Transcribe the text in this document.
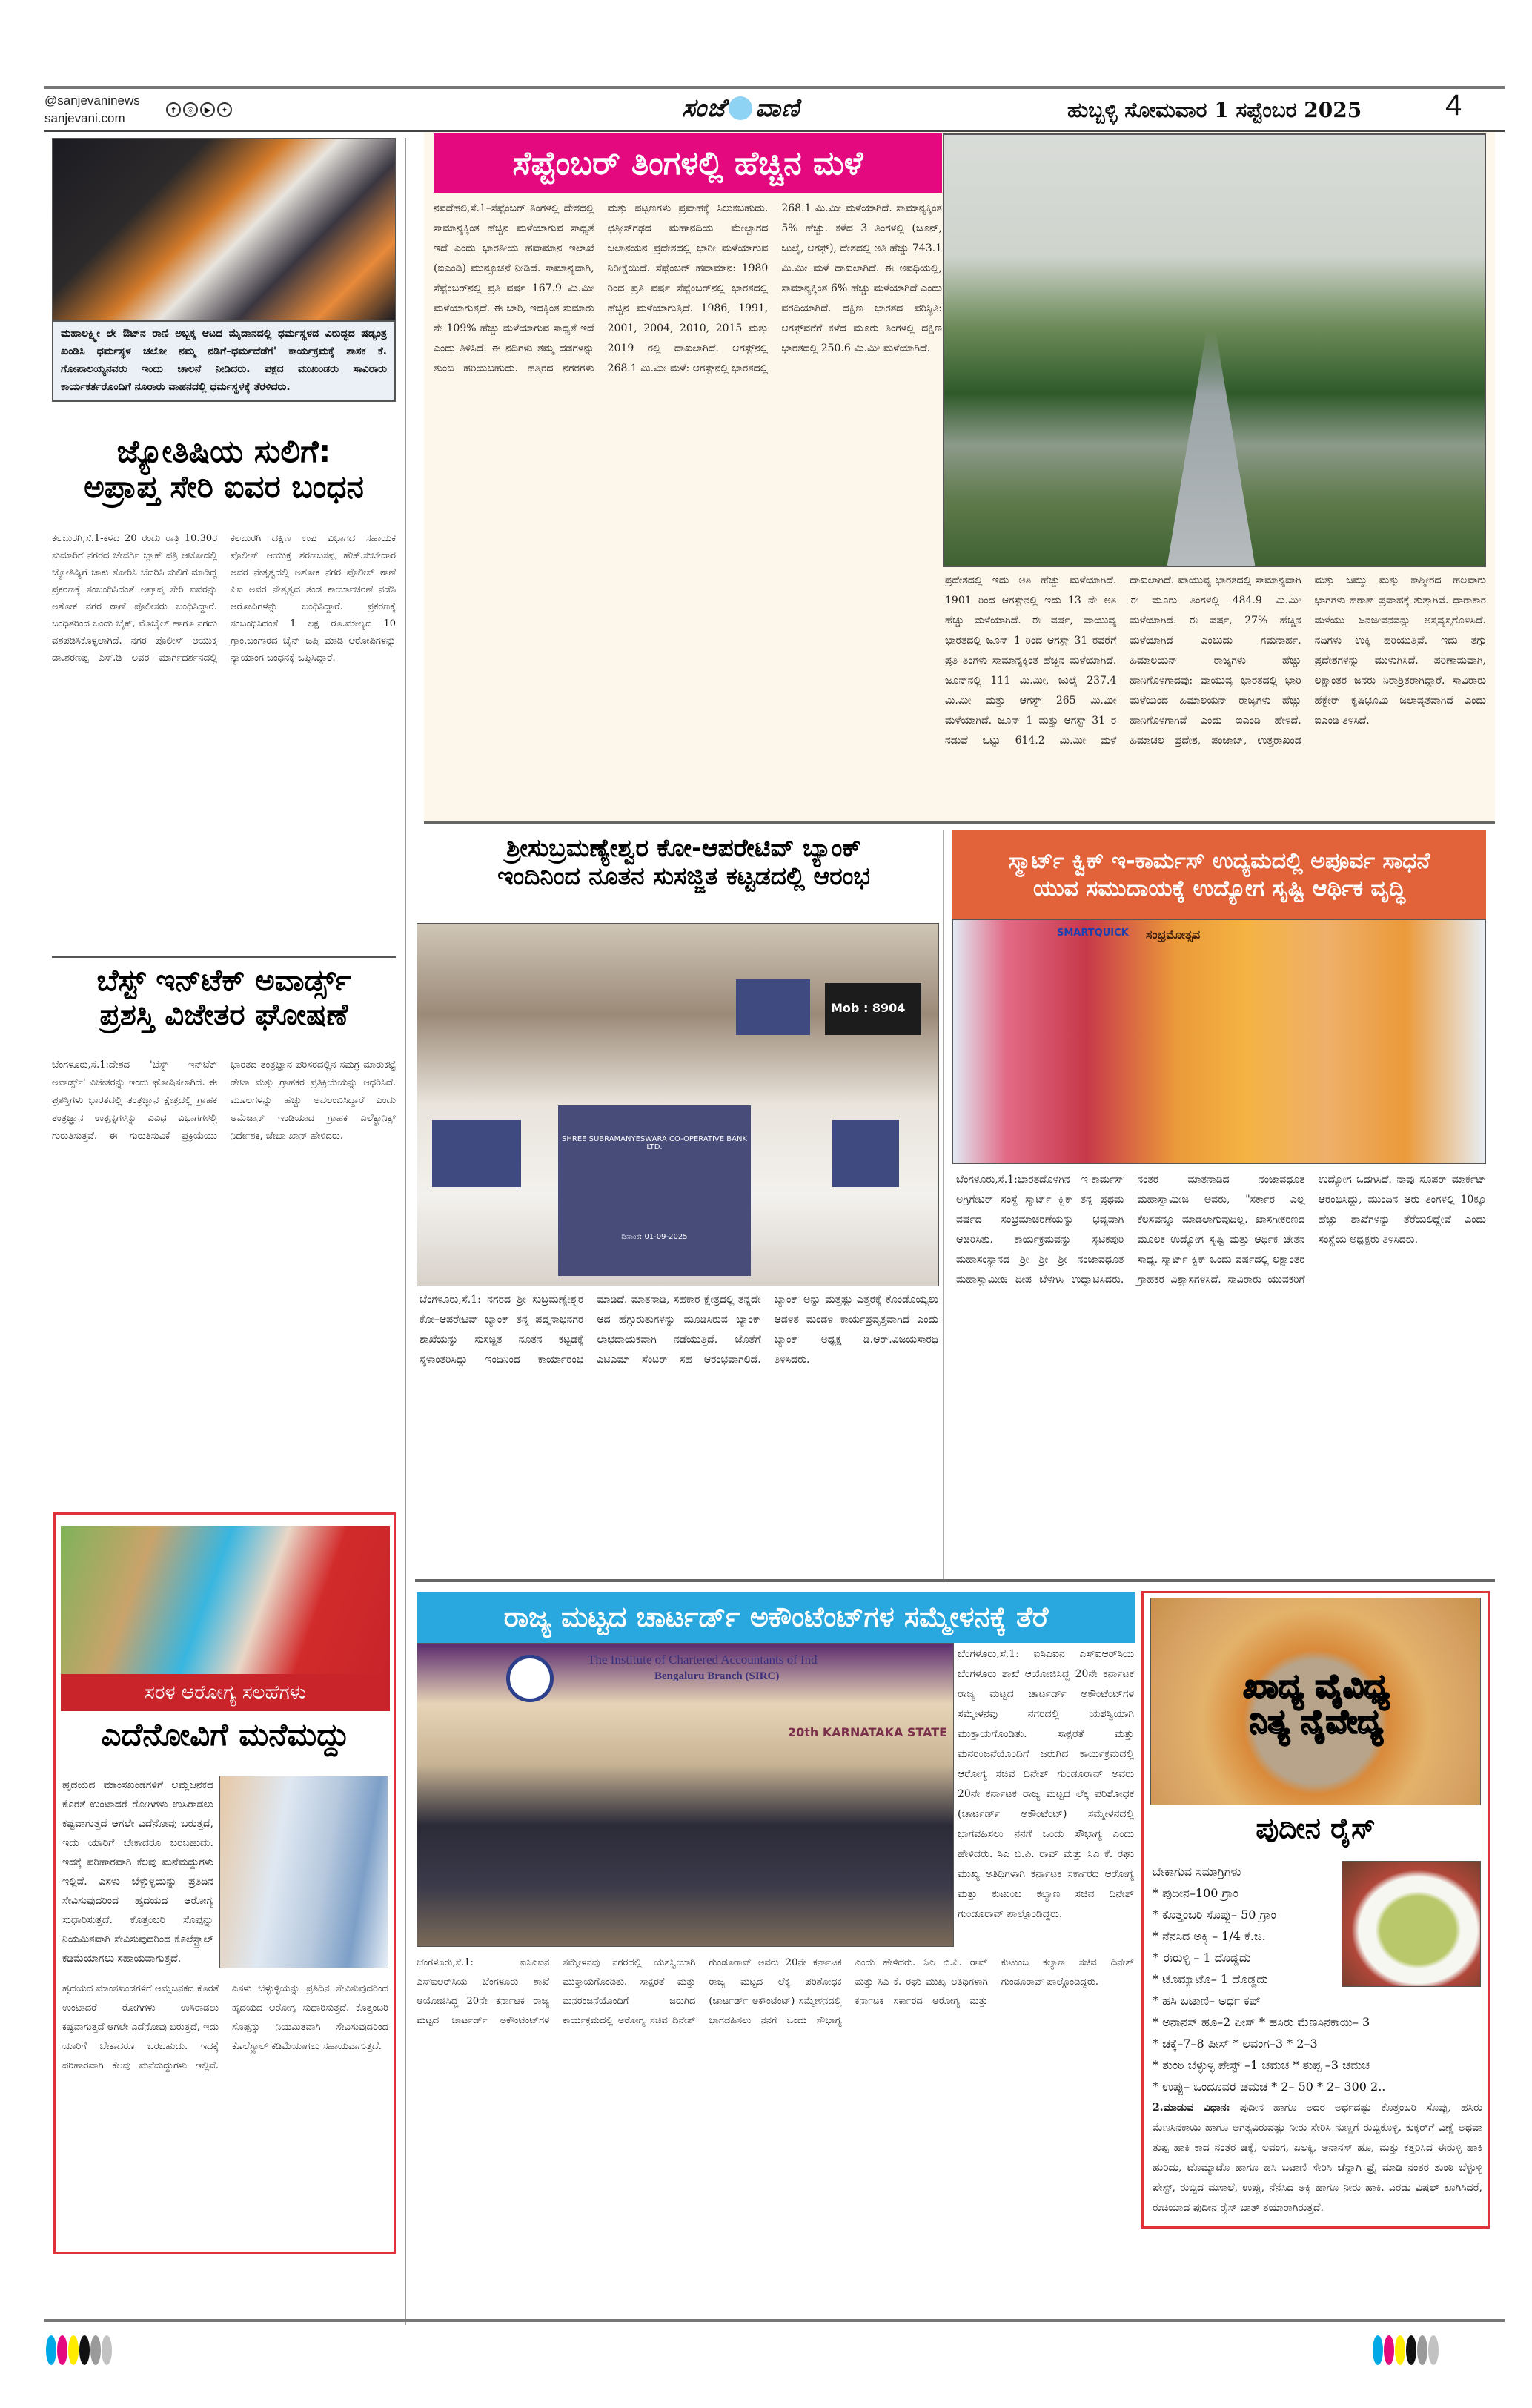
@sanjevaninews
sanjevani.com
f	◎	▶	✦	ಸಂಜೆ ವಾಣಿ	ಹುಬ್ಬಳ್ಳಿ ಸೋಮವಾರ 1 ಸಪ್ಟೆಂಬರ 2025	4
ಮಹಾಲಕ್ಷ್ಮೀ ಲೇ ಔಟ್‌ನ ರಾಣಿ ಅಬ್ಬಕ್ಕ ಆಟದ ಮೈದಾನದಲ್ಲಿ ಧರ್ಮಸ್ಥಳದ ವಿರುದ್ಧದ ಷಡ್ಯಂತ್ರ ಖಂಡಿಸಿ ಧರ್ಮಸ್ಥಳ ಚಲೋ ನಮ್ಮ ನಡಿಗೆ–ಧರ್ಮದೆಡೆಗೆ' ಕಾರ್ಯಕ್ರಮಕ್ಕೆ ಶಾಸಕ ಕೆ. ಗೋಪಾಲಯ್ಯನವರು ಇಂದು ಚಾಲನೆ ನೀಡಿದರು. ಪಕ್ಷದ ಮುಖಂಡರು ಸಾವಿರಾರು ಕಾರ್ಯಕರ್ತರೊಂದಿಗೆ ನೂರಾರು ವಾಹನದಲ್ಲಿ ಧರ್ಮಸ್ಥಳಕ್ಕೆ ತೆರಳಿದರು.
ಜ್ಯೋತಿಷಿಯ ಸುಲಿಗೆ:
ಅಪ್ರಾಪ್ತ ಸೇರಿ ಐವರ ಬಂಧನ
ಕಲಬುರಗಿ,ಸೆ.1-ಕಳೆದ 20 ರಂದು ರಾತ್ರಿ 10.30ರ ಸುಮಾರಿಗೆ ನಗರದ ಜೇವರ್ಗಿ ಬ್ಲಾಕ್ ಪತ್ರಿ ಆಟೋದಲ್ಲಿ ಜ್ಯೋತಿಷ್ಯಿಗೆ ಚಾಕು ತೋರಿಸಿ ಬೆದರಿಸಿ ಸುಲಿಗೆ ಮಾಡಿದ್ದ ಪ್ರಕರಣಕ್ಕೆ ಸಂಬಂಧಿಸಿದಂತೆ ಅಪ್ರಾಪ್ತ ಸೇರಿ ಐವರನ್ನು ಅಶೋಕ ನಗರ ಠಾಣೆ ಪೊಲೀಸರು ಬಂಧಿಸಿದ್ದಾರೆ. ಬಂಧಿತರಿಂದ ಒಂದು ಬೈಕ್, ಮೊಬೈಲ್ ಹಾಗೂ ನಗದು ವಶಪಡಿಸಿಕೊಳ್ಳಲಾಗಿದೆ. ನಗರ ಪೊಲೀಸ್ ಆಯುಕ್ತ ಡಾ.ಶರಣಪ್ಪ ಎಸ್.ಡಿ ಅವರ ಮಾರ್ಗದರ್ಶನದಲ್ಲಿ ಕಲಬುರಗಿ ದಕ್ಷಿಣ ಉಪ ವಿಭಾಗದ ಸಹಾಯಕ ಪೊಲೀಸ್ ಆಯುಕ್ತ ಶರಣಬಸಪ್ಪ ಹೆಚ್.ಸುಬೇದಾರ ಅವರ ನೇತೃತ್ವದಲ್ಲಿ ಅಶೋಕ ನಗರ ಪೊಲೀಸ್ ಠಾಣೆ ಪಿಐ ಅವರ ನೇತೃತ್ವದ ತಂಡ ಕಾರ್ಯಾಚರಣೆ ನಡೆಸಿ ಆರೋಪಿಗಳನ್ನು ಬಂಧಿಸಿದ್ದಾರೆ. ಪ್ರಕರಣಕ್ಕೆ ಸಂಬಂಧಿಸಿದಂತೆ 1 ಲಕ್ಷ ರೂ.ಮೌಲ್ಯದ 10 ಗ್ರಾಂ.ಬಂಗಾರದ ಚೈನ್ ಜಪ್ತಿ ಮಾಡಿ ಆರೋಪಿಗಳನ್ನು ನ್ಯಾಯಾಂಗ ಬಂಧನಕ್ಕೆ ಒಪ್ಪಿಸಿದ್ದಾರೆ.
ಬೆಸ್ಟ್ ಇನ್‌ಟೆಕ್ ಅವಾರ್ಡ್ಸ್
ಪ್ರಶಸ್ತಿ ವಿಜೇತರ ಘೋಷಣೆ
ಬೆಂಗಳೂರು,ಸೆ.1:ದೇಶದ 'ಬೆಸ್ಟ್ ಇನ್‌ಟೆಕ್ ಅವಾರ್ಡ್ಸ್' ವಿಜೇತರನ್ನು ಇಂದು ಘೋಷಿಸಲಾಗಿದೆ. ಈ ಪ್ರಶಸ್ತಿಗಳು ಭಾರತದಲ್ಲಿ ತಂತ್ರಜ್ಞಾನ ಕ್ಷೇತ್ರದಲ್ಲಿ ಗ್ರಾಹಕ ತಂತ್ರಜ್ಞಾನ ಉತ್ಪನ್ನಗಳನ್ನು ವಿವಿಧ ವಿಭಾಗಗಳಲ್ಲಿ ಗುರುತಿಸುತ್ತವೆ. ಈ ಗುರುತಿಸುವಿಕೆ ಪ್ರಕ್ರಿಯೆಯು ಭಾರತದ ತಂತ್ರಜ್ಞಾನ ಪರಿಸರದಲ್ಲಿನ ಸಮಗ್ರ ಮಾರುಕಟ್ಟೆ ಡೇಟಾ ಮತ್ತು ಗ್ರಾಹಕರ ಪ್ರತಿಕ್ರಿಯೆಯನ್ನು ಆಧರಿಸಿದೆ. ಮೂಲಗಳನ್ನು ಹೆಚ್ಚು ಅವಲಂಬಿಸಿದ್ದಾರೆ ಎಂದು ಅಮೆಜಾನ್ ಇಂಡಿಯಾದ ಗ್ರಾಹಕ ಎಲೆಕ್ಟ್ರಾನಿಕ್ಸ್ ನಿರ್ದೇಶಕ, ಜೇಬಾ ಖಾನ್ ಹೇಳಿದರು.
ಸರಳ ಆರೋಗ್ಯ ಸಲಹೆಗಳು
ಎದೆನೋವಿಗೆ ಮನೆಮದ್ದು
ಹೃದಯದ ಮಾಂಸಖಂಡಗಳಿಗೆ ಆಮ್ಲಜನಕದ ಕೊರತೆ ಉಂಟಾದರೆ ರೋಗಿಗಳು ಉಸಿರಾಡಲು ಕಷ್ಟವಾಗುತ್ತದೆ ಆಗಲೇ ಎದೆನೋವು ಬರುತ್ತದೆ, ಇದು ಯಾರಿಗೆ ಬೇಕಾದರೂ ಬರಬಹುದು. ಇದಕ್ಕೆ ಪರಿಹಾರವಾಗಿ ಕೆಲವು ಮನೆಮದ್ದುಗಳು ಇಲ್ಲಿವೆ. ಎಸಳು ಬೆಳ್ಳುಳ್ಳಿಯನ್ನು ಪ್ರತಿದಿನ ಸೇವಿಸುವುದರಿಂದ ಹೃದಯದ ಆರೋಗ್ಯ ಸುಧಾರಿಸುತ್ತದೆ. ಕೊತ್ತಂಬರಿ ಸೊಪ್ಪನ್ನು ನಿಯಮಿತವಾಗಿ ಸೇವಿಸುವುದರಿಂದ ಕೊಲೆಸ್ಟ್ರಾಲ್ ಕಡಿಮೆಯಾಗಲು ಸಹಾಯವಾಗುತ್ತದೆ.
ಹೃದಯದ ಮಾಂಸಖಂಡಗಳಿಗೆ ಆಮ್ಲಜನಕದ ಕೊರತೆ ಉಂಟಾದರೆ ರೋಗಿಗಳು ಉಸಿರಾಡಲು ಕಷ್ಟವಾಗುತ್ತದೆ ಆಗಲೇ ಎದೆನೋವು ಬರುತ್ತದೆ, ಇದು ಯಾರಿಗೆ ಬೇಕಾದರೂ ಬರಬಹುದು. ಇದಕ್ಕೆ ಪರಿಹಾರವಾಗಿ ಕೆಲವು ಮನೆಮದ್ದುಗಳು ಇಲ್ಲಿವೆ. ಎಸಳು ಬೆಳ್ಳುಳ್ಳಿಯನ್ನು ಪ್ರತಿದಿನ ಸೇವಿಸುವುದರಿಂದ ಹೃದಯದ ಆರೋಗ್ಯ ಸುಧಾರಿಸುತ್ತದೆ. ಕೊತ್ತಂಬರಿ ಸೊಪ್ಪನ್ನು ನಿಯಮಿತವಾಗಿ ಸೇವಿಸುವುದರಿಂದ ಕೊಲೆಸ್ಟ್ರಾಲ್ ಕಡಿಮೆಯಾಗಲು ಸಹಾಯವಾಗುತ್ತದೆ.
ಸೆಪ್ಟೆಂಬರ್ ತಿಂಗಳಲ್ಲಿ ಹೆಚ್ಚಿನ ಮಳೆ
ನವದೆಹಲಿ,ಸೆ.1–ಸೆಪ್ಟೆಂಬರ್ ತಿಂಗಳಲ್ಲಿ ದೇಶದಲ್ಲಿ ಸಾಮಾನ್ಯಕ್ಕಿಂತ ಹೆಚ್ಚಿನ ಮಳೆಯಾಗುವ ಸಾಧ್ಯತೆ ಇದೆ ಎಂದು ಭಾರತೀಯ ಹವಾಮಾನ ಇಲಾಖೆ (ಐಎಂಡಿ) ಮುನ್ಸೂಚನೆ ನೀಡಿದೆ. ಸಾಮಾನ್ಯವಾಗಿ, ಸೆಪ್ಟೆಂಬರ್‌ನಲ್ಲಿ ಪ್ರತಿ ವರ್ಷ 167.9 ಮಿ.ಮೀ ಮಳೆಯಾಗುತ್ತದೆ. ಈ ಬಾರಿ, ಇದಕ್ಕಿಂತ ಸುಮಾರು ಶೇ 109% ಹೆಚ್ಚು ಮಳೆಯಾಗುವ ಸಾಧ್ಯತೆ ಇದೆ ಎಂದು ತಿಳಿಸಿದೆ. ಈ ನದಿಗಳು ತಮ್ಮ ದಡಗಳನ್ನು ತುಂಬಿ ಹರಿಯಬಹುದು. ಹತ್ತಿರದ ನಗರಗಳು ಮತ್ತು ಪಟ್ಟಣಗಳು ಪ್ರವಾಹಕ್ಕೆ ಸಿಲುಕಬಹುದು. ಛತ್ತೀಸ್‌ಗಢದ ಮಹಾನದಿಯ ಮೇಲ್ಭಾಗದ ಜಲಾನಯನ ಪ್ರದೇಶದಲ್ಲಿ ಭಾರೀ ಮಳೆಯಾಗುವ ನಿರೀಕ್ಷೆಯಿದೆ. ಸೆಪ್ಟೆಂಬರ್ ಹವಾಮಾನ: 1980 ರಿಂದ ಪ್ರತಿ ವರ್ಷ ಸೆಪ್ಟೆಂಬರ್‌ನಲ್ಲಿ ಭಾರತದಲ್ಲಿ ಹೆಚ್ಚಿನ ಮಳೆಯಾಗುತ್ತಿದೆ. 1986, 1991, 2001, 2004, 2010, 2015 ಮತ್ತು 2019 ರಲ್ಲಿ ದಾಖಲಾಗಿದೆ. ಆಗಸ್ಟ್‌ನಲ್ಲಿ 268.1 ಮಿ.ಮೀ ಮಳೆ: ಆಗಸ್ಟ್‌ನಲ್ಲಿ ಭಾರತದಲ್ಲಿ 268.1 ಮಿ.ಮೀ ಮಳೆಯಾಗಿದೆ. ಸಾಮಾನ್ಯಕ್ಕಿಂತ 5% ಹೆಚ್ಚು. ಕಳೆದ 3 ತಿಂಗಳಲ್ಲಿ (ಜೂನ್, ಜುಲೈ, ಆಗಸ್ಟ್), ದೇಶದಲ್ಲಿ ಅತಿ ಹೆಚ್ಚು 743.1 ಮಿ.ಮೀ ಮಳೆ ದಾಖಲಾಗಿದೆ. ಈ ಅವಧಿಯಲ್ಲಿ, ಸಾಮಾನ್ಯಕ್ಕಿಂತ 6% ಹೆಚ್ಚು ಮಳೆಯಾಗಿದೆ ಎಂದು ವರದಿಯಾಗಿದೆ. ದಕ್ಷಿಣ ಭಾರತದ ಪರಿಸ್ಥಿತಿ: ಆಗಸ್ಟ್‌ವರೆಗೆ ಕಳೆದ ಮೂರು ತಿಂಗಳಲ್ಲಿ ದಕ್ಷಿಣ ಭಾರತದಲ್ಲಿ 250.6 ಮಿ.ಮೀ ಮಳೆಯಾಗಿದೆ.
ಪ್ರದೇಶದಲ್ಲಿ ಇದು ಅತಿ ಹೆಚ್ಚು ಮಳೆಯಾಗಿದೆ. 1901 ರಿಂದ ಆಗಸ್ಟ್‌ನಲ್ಲಿ ಇದು 13 ನೇ ಅತಿ ಹೆಚ್ಚು ಮಳೆಯಾಗಿದೆ. ಈ ವರ್ಷ, ವಾಯುವ್ಯ ಭಾರತದಲ್ಲಿ ಜೂನ್ 1 ರಿಂದ ಆಗಸ್ಟ್ 31 ರವರೆಗೆ ಪ್ರತಿ ತಿಂಗಳು ಸಾಮಾನ್ಯಕ್ಕಿಂತ ಹೆಚ್ಚಿನ ಮಳೆಯಾಗಿದೆ. ಜೂನ್‌ನಲ್ಲಿ 111 ಮಿ.ಮೀ, ಜುಲೈ 237.4 ಮಿ.ಮೀ ಮತ್ತು ಆಗಸ್ಟ್ 265 ಮಿ.ಮೀ ಮಳೆಯಾಗಿದೆ. ಜೂನ್ 1 ಮತ್ತು ಆಗಸ್ಟ್ 31 ರ ನಡುವೆ ಒಟ್ಟು 614.2 ಮಿ.ಮೀ ಮಳೆ ದಾಖಲಾಗಿದೆ. ವಾಯುವ್ಯ ಭಾರತದಲ್ಲಿ ಸಾಮಾನ್ಯವಾಗಿ ಈ ಮೂರು ತಿಂಗಳಲ್ಲಿ 484.9 ಮಿ.ಮೀ ಮಳೆಯಾಗಿದೆ. ಈ ವರ್ಷ, 27% ಹೆಚ್ಚಿನ ಮಳೆಯಾಗಿದೆ ಎಂಬುದು ಗಮನಾರ್ಹ. ಹಿಮಾಲಯನ್ ರಾಜ್ಯಗಳು ಹೆಚ್ಚು ಹಾನಿಗೊಳಗಾದವು: ವಾಯುವ್ಯ ಭಾರತದಲ್ಲಿ ಭಾರಿ ಮಳೆಯಿಂದ ಹಿಮಾಲಯನ್ ರಾಜ್ಯಗಳು ಹೆಚ್ಚು ಹಾನಿಗೊಳಗಾಗಿವೆ ಎಂದು ಐಎಂಡಿ ಹೇಳಿದೆ. ಹಿಮಾಚಲ ಪ್ರದೇಶ, ಪಂಜಾಬ್, ಉತ್ತರಾಖಂಡ ಮತ್ತು ಜಮ್ಮು ಮತ್ತು ಕಾಶ್ಮೀರದ ಹಲವಾರು ಭಾಗಗಳು ಹಠಾತ್ ಪ್ರವಾಹಕ್ಕೆ ತುತ್ತಾಗಿವೆ. ಧಾರಾಕಾರ ಮಳೆಯು ಜನಜೀವನವನ್ನು ಅಸ್ತವ್ಯಸ್ತಗೊಳಿಸಿದೆ. ನದಿಗಳು ಉಕ್ಕಿ ಹರಿಯುತ್ತಿವೆ. ಇದು ತಗ್ಗು ಪ್ರದೇಶಗಳನ್ನು ಮುಳುಗಿಸಿದೆ. ಪರಿಣಾಮವಾಗಿ, ಲಕ್ಷಾಂತರ ಜನರು ನಿರಾಶ್ರಿತರಾಗಿದ್ದಾರೆ. ಸಾವಿರಾರು ಹೆಕ್ಟೇರ್ ಕೃಷಿಭೂಮಿ ಜಲಾವೃತವಾಗಿದೆ ಎಂದು ಐಎಂಡಿ ತಿಳಿಸಿದೆ.
ಶ್ರೀಸುಬ್ರಮಣ್ಯೇಶ್ವರ ಕೋ-ಆಪರೇಟಿವ್ ಬ್ಯಾಂಕ್
ಇಂದಿನಿಂದ ನೂತನ ಸುಸಜ್ಜಿತ ಕಟ್ಟಡದಲ್ಲಿ ಆರಂಭ
SHREE SUBRAMANYESWARA CO-OPERATIVE BANK LTD.
ದಿನಾಂಕ: 01-09-2025
Mob : 8904
ಬೆಂಗಳೂರು,ಸೆ.1: ನಗರದ ಶ್ರೀ ಸುಬ್ರಮಣ್ಯೇಶ್ವರ ಕೋ–ಆಪರೇಟಿವ್ ಬ್ಯಾಂಕ್ ತನ್ನ ಪದ್ಮನಾಭನಗರ ಶಾಖೆಯನ್ನು ಸುಸಜ್ಜಿತ ನೂತನ ಕಟ್ಟಡಕ್ಕೆ ಸ್ಥಳಾಂತರಿಸಿದ್ದು ಇಂದಿನಿಂದ ಕಾರ್ಯಾರಂಭ ಮಾಡಿದೆ. ಮಾತನಾಡಿ, ಸಹಕಾರ ಕ್ಷೇತ್ರದಲ್ಲಿ ತನ್ನದೇ ಆದ ಹೆಗ್ಗುರುತುಗಳನ್ನು ಮೂಡಿಸಿರುವ ಬ್ಯಾಂಕ್ ಲಾಭದಾಯಕವಾಗಿ ನಡೆಯುತ್ತಿದೆ. ಜೊತೆಗೆ ಎಟಿಎಮ್ ಸೆಂಟರ್ ಸಹ ಆರಂಭವಾಗಲಿದೆ. ಬ್ಯಾಂಕ್ ಅನ್ನು ಮತ್ತಷ್ಟು ಎತ್ತರಕ್ಕೆ ಕೊಂಡೊಯ್ಯಲು ಆಡಳಿತ ಮಂಡಳಿ ಕಾರ್ಯಪ್ರವೃತ್ತವಾಗಿದೆ ಎಂದು ಬ್ಯಾಂಕ್ ಅಧ್ಯಕ್ಷ ಡಿ.ಆರ್.ವಿಜಯಸಾರಥಿ ತಿಳಿಸಿದರು.
ಸ್ಮಾರ್ಟ್ ಕ್ವಿಕ್ ಇ-ಕಾರ್ಮಸ್ ಉದ್ಯಮದಲ್ಲಿ ಅಪೂರ್ವ ಸಾಧನೆ
ಯುವ ಸಮುದಾಯಕ್ಕೆ ಉದ್ಯೋಗ ಸೃಷ್ಟಿ ಆರ್ಥಿಕ ವೃದ್ಧಿ
SMARTQUICK ಸಂಭ್ರಮೋತ್ಸವ
ಬೆಂಗಳೂರು,ಸೆ.1:ಭಾರತದೊಳಗಿನ ಇ-ಕಾರ್ಮಸ್ ಅಗ್ರಿಗೇಟರ್ ಸಂಸ್ಥೆ ಸ್ಮಾರ್ಟ್ ಕ್ವಿಕ್ ತನ್ನ ಪ್ರಥಮ ವರ್ಷದ ಸಂಭ್ರಮಾಚರಣೆಯನ್ನು ಭವ್ಯವಾಗಿ ಆಚರಿಸಿತು. ಕಾರ್ಯಕ್ರಮವನ್ನು ಸ್ಫಟಿಕಪುರಿ ಮಹಾಸಂಸ್ಥಾನದ ಶ್ರೀ ಶ್ರೀ ಶ್ರೀ ನಂಜಾವಧೂತ ಮಹಾಸ್ವಾಮೀಜಿ ದೀಪ ಬೆಳಗಿಸಿ ಉದ್ಘಾಟಿಸಿದರು. ನಂತರ ಮಾತನಾಡಿದ ನಂಜಾವಧೂತ ಮಹಾಸ್ವಾಮೀಜಿ ಅವರು, "ಸರ್ಕಾರ ಎಲ್ಲ ಕೆಲಸವನ್ನೂ ಮಾಡಲಾಗುವುದಿಲ್ಲ. ಖಾಸಗೀಕರಣದ ಮೂಲಕ ಉದ್ಯೋಗ ಸೃಷ್ಟಿ ಮತ್ತು ಆರ್ಥಿಕ ಚೇತನ ಸಾಧ್ಯ. ಸ್ಮಾರ್ಟ್ ಕ್ವಿಕ್ ಒಂದು ವರ್ಷದಲ್ಲಿ ಲಕ್ಷಾಂತರ ಗ್ರಾಹಕರ ವಿಶ್ವಾಸಗಳಿಸಿದೆ. ಸಾವಿರಾರು ಯುವಕರಿಗೆ ಉದ್ಯೋಗ ಒದಗಿಸಿದೆ. ನಾವು ಸೂಪರ್ ಮಾರ್ಕೆಟ್ ಆರಂಭಿಸಿದ್ದು, ಮುಂದಿನ ಆರು ತಿಂಗಳಲ್ಲಿ 10ಕ್ಕೂ ಹೆಚ್ಚು ಶಾಖೆಗಳನ್ನು ತೆರೆಯಲಿದ್ದೇವೆ ಎಂದು ಸಂಸ್ಥೆಯ ಅಧ್ಯಕ್ಷರು ತಿಳಿಸಿದರು.
ರಾಜ್ಯ ಮಟ್ಟದ ಚಾರ್ಟರ್ಡ್ ಅಕೌಂಟೆಂಟ್‌ಗಳ ಸಮ್ಮೇಳನಕ್ಕೆ ತೆರೆ
The Institute of Chartered Accountants of Ind
Bengaluru Branch (SIRC)
20th KARNATAKA STATE
ಬೆಂಗಳೂರು,ಸೆ.1: ಐಸಿಎಐನ ಎಸ್‌ಐಆರ್‌ಸಿಯ ಬೆಂಗಳೂರು ಶಾಖೆ ಆಯೋಜಿಸಿದ್ದ 20ನೇ ಕರ್ನಾಟಕ ರಾಜ್ಯ ಮಟ್ಟದ ಚಾರ್ಟರ್ಡ್ ಅಕೌಂಟೆಂಟ್‌ಗಳ ಸಮ್ಮೇಳನವು ನಗರದಲ್ಲಿ ಯಶಸ್ವಿಯಾಗಿ ಮುಕ್ತಾಯಗೊಂಡಿತು. ಸಾಕ್ಷರತೆ ಮತ್ತು ಮನರಂಜನೆಯೊಂದಿಗೆ ಜರುಗಿದ ಕಾರ್ಯಕ್ರಮದಲ್ಲಿ ಆರೋಗ್ಯ ಸಚಿವ ದಿನೇಶ್ ಗುಂಡೂರಾವ್ ಅವರು 20ನೇ ಕರ್ನಾಟಕ ರಾಜ್ಯ ಮಟ್ಟದ ಲೆಕ್ಕ ಪರಿಶೋಧಕ (ಚಾರ್ಟರ್ಡ್ ಅಕೌಂಟೆಂಟ್) ಸಮ್ಮೇಳನದಲ್ಲಿ ಭಾಗವಹಿಸಲು ನನಗೆ ಒಂದು ಸೌಭಾಗ್ಯ ಎಂದು ಹೇಳಿದರು. ಸಿಎ ಬಿ.ಪಿ. ರಾವ್ ಮತ್ತು ಸಿಎ ಕೆ. ರಘು ಮುಖ್ಯ ಅತಿಥಿಗಳಾಗಿ ಕರ್ನಾಟಕ ಸರ್ಕಾರದ ಆರೋಗ್ಯ ಮತ್ತು ಕುಟುಂಬ ಕಲ್ಯಾಣ ಸಚಿವ ದಿನೇಶ್ ಗುಂಡೂರಾವ್ ಪಾಲ್ಗೊಂಡಿದ್ದರು.
ಬೆಂಗಳೂರು,ಸೆ.1: ಐಸಿಎಐನ ಎಸ್‌ಐಆರ್‌ಸಿಯ ಬೆಂಗಳೂರು ಶಾಖೆ ಆಯೋಜಿಸಿದ್ದ 20ನೇ ಕರ್ನಾಟಕ ರಾಜ್ಯ ಮಟ್ಟದ ಚಾರ್ಟರ್ಡ್ ಅಕೌಂಟೆಂಟ್‌ಗಳ ಸಮ್ಮೇಳನವು ನಗರದಲ್ಲಿ ಯಶಸ್ವಿಯಾಗಿ ಮುಕ್ತಾಯಗೊಂಡಿತು. ಸಾಕ್ಷರತೆ ಮತ್ತು ಮನರಂಜನೆಯೊಂದಿಗೆ ಜರುಗಿದ ಕಾರ್ಯಕ್ರಮದಲ್ಲಿ ಆರೋಗ್ಯ ಸಚಿವ ದಿನೇಶ್ ಗುಂಡೂರಾವ್ ಅವರು 20ನೇ ಕರ್ನಾಟಕ ರಾಜ್ಯ ಮಟ್ಟದ ಲೆಕ್ಕ ಪರಿಶೋಧಕ (ಚಾರ್ಟರ್ಡ್ ಅಕೌಂಟೆಂಟ್) ಸಮ್ಮೇಳನದಲ್ಲಿ ಭಾಗವಹಿಸಲು ನನಗೆ ಒಂದು ಸೌಭಾಗ್ಯ ಎಂದು ಹೇಳಿದರು. ಸಿಎ ಬಿ.ಪಿ. ರಾವ್ ಮತ್ತು ಸಿಎ ಕೆ. ರಘು ಮುಖ್ಯ ಅತಿಥಿಗಳಾಗಿ ಕರ್ನಾಟಕ ಸರ್ಕಾರದ ಆರೋಗ್ಯ ಮತ್ತು ಕುಟುಂಬ ಕಲ್ಯಾಣ ಸಚಿವ ದಿನೇಶ್ ಗುಂಡೂರಾವ್ ಪಾಲ್ಗೊಂಡಿದ್ದರು.
ಖಾದ್ಯ ವೈವಿಧ್ಯ
ನಿತ್ಯ ನೈವೇದ್ಯ
ಪುದೀನ ರೈಸ್
ಬೇಕಾಗುವ ಸಮಾಗ್ರಿಗಳು
* ಪುದೀನ–100 ಗ್ರಾಂ
* ಕೊತ್ತಂಬರಿ ಸೊಪ್ಪು– 50 ಗ್ರಾಂ
* ನೆನಸಿದ ಅಕ್ಕಿ – 1/4 ಕೆ.ಜಿ.
* ಈರುಳ್ಳಿ – 1 ದೊಡ್ಡದು
* ಟೊಮ್ಯಾಟೊ– 1 ದೊಡ್ಡದು
* ಹಸಿ ಬಟಾಣಿ– ಅರ್ಧ ಕಪ್
* ಅನಾನಸ್ ಹೂ–2 ಪೀಸ್ * ಹಸಿರು ಮೆಣಸಿನಕಾಯಿ– 3
* ಚಕ್ಕೆ–7–8 ಪೀಸ್ * ಲವಂಗ–3 * 2–3
* ಶುಂಠಿ ಬೆಳ್ಳುಳ್ಳಿ ಪೇಸ್ಟ್ –1 ಚಮಚ * ತುಪ್ಪ –3 ಚಮಚ
* ಉಪ್ಪು– ಒಂದೂವರೆ ಚಮಚ * 2– 50 * 2– 300 2..
2.ಮಾಡುವ ವಿಧಾನ: ಪುದೀನ ಹಾಗೂ ಅದರ ಅರ್ಧದಷ್ಟು ಕೊತ್ತಂಬರಿ ಸೊಪ್ಪು, ಹಸಿರು ಮೆಣಸಿನಕಾಯಿ ಹಾಗೂ ಅಗತ್ಯವಿರುವಷ್ಟು ನೀರು ಸೇರಿಸಿ ನುಣ್ಣಗೆ ರುಬ್ಬಿಕೊಳ್ಳಿ. ಕುಕ್ಕರ್‌ಗೆ ಎಣ್ಣೆ ಅಥವಾ ತುಪ್ಪ ಹಾಕಿ ಕಾದ ನಂತರ ಚಕ್ಕೆ, ಲವಂಗ, ಏಲಕ್ಕಿ, ಅನಾನಸ್ ಹೂ, ಮತ್ತು ಕತ್ತರಿಸಿದ ಈರುಳ್ಳಿ ಹಾಕಿ ಹುರಿದು, ಟೊಮ್ಯಾಟೊ ಹಾಗೂ ಹಸಿ ಬಟಾಣಿ ಸೇರಿಸಿ ಚೆನ್ನಾಗಿ ಫ್ರೈ ಮಾಡಿ ನಂತರ ಶುಂಠಿ ಬೆಳ್ಳುಳ್ಳಿ ಪೇಸ್ಟ್, ರುಬ್ಬಿದ ಮಸಾಲೆ, ಉಪ್ಪು, ನೆನೆಸಿದ ಅಕ್ಕಿ ಹಾಗೂ ನೀರು ಹಾಕಿ. ಎರಡು ವಿಷಲ್ ಕೂಗಿಸಿದರೆ, ರುಚಿಯಾದ ಪುದೀನ ರೈಸ್ ಬಾತ್ ತಯಾರಾಗಿರುತ್ತದೆ.
